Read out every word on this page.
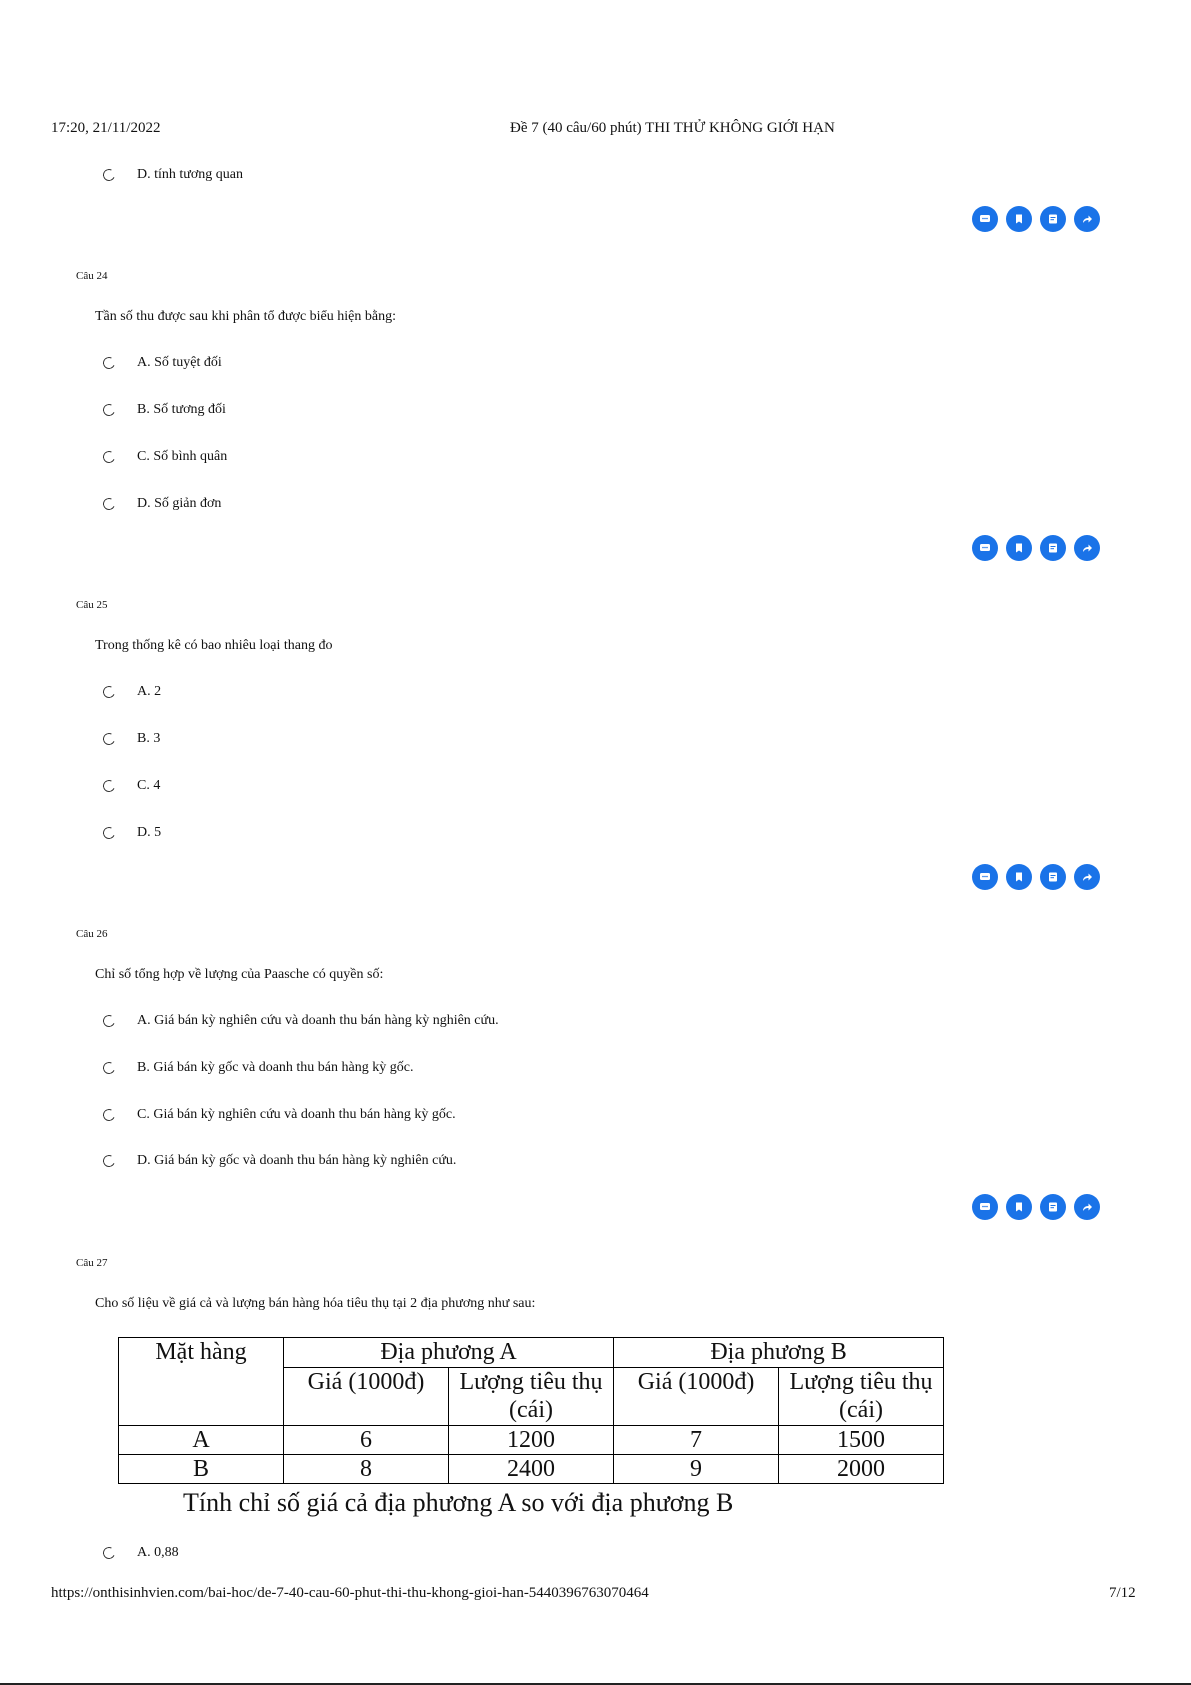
17:20, 21/11/2022	Đề 7 (40 câu/60 phút) THI THỬ KHÔNG GIỚI HẠN
D. tính tương quan
Câu 24
Tần số thu được sau khi phân tổ được biểu hiện bằng:
A. Số tuyệt đối
B. Số tương đối
C. Số bình quân
D. Số giản đơn
Câu 25
Trong thống kê có bao nhiêu loại thang đo
A. 2
B. 3
C. 4
D. 5
Câu 26
Chỉ số tổng hợp về lượng của Paasche có quyền số:
A. Giá bán kỳ nghiên cứu và doanh thu bán hàng kỳ nghiên cứu.
B. Giá bán kỳ gốc và doanh thu bán hàng kỳ gốc.
C. Giá bán kỳ nghiên cứu và doanh thu bán hàng kỳ gốc.
D. Giá bán kỳ gốc và doanh thu bán hàng kỳ nghiên cứu.
Câu 27
Cho số liệu về giá cả và lượng bán hàng hóa tiêu thụ tại 2 địa phương như sau:
Mặt hàng	Địa phương A		Địa phương B	
	Giá (1000đ)	Lượng tiêu thụ (cái)	Giá (1000đ)	Lượng tiêu thụ (cái)
A	6	1200	7	1500
B	8	2400	9	2000
Tính chỉ số giá cả địa phương A so với địa phương B
A. 0,88
https://onthisinhvien.com/bai-hoc/de-7-40-cau-60-phut-thi-thu-khong-gioi-han-5440396763070464	7/12
